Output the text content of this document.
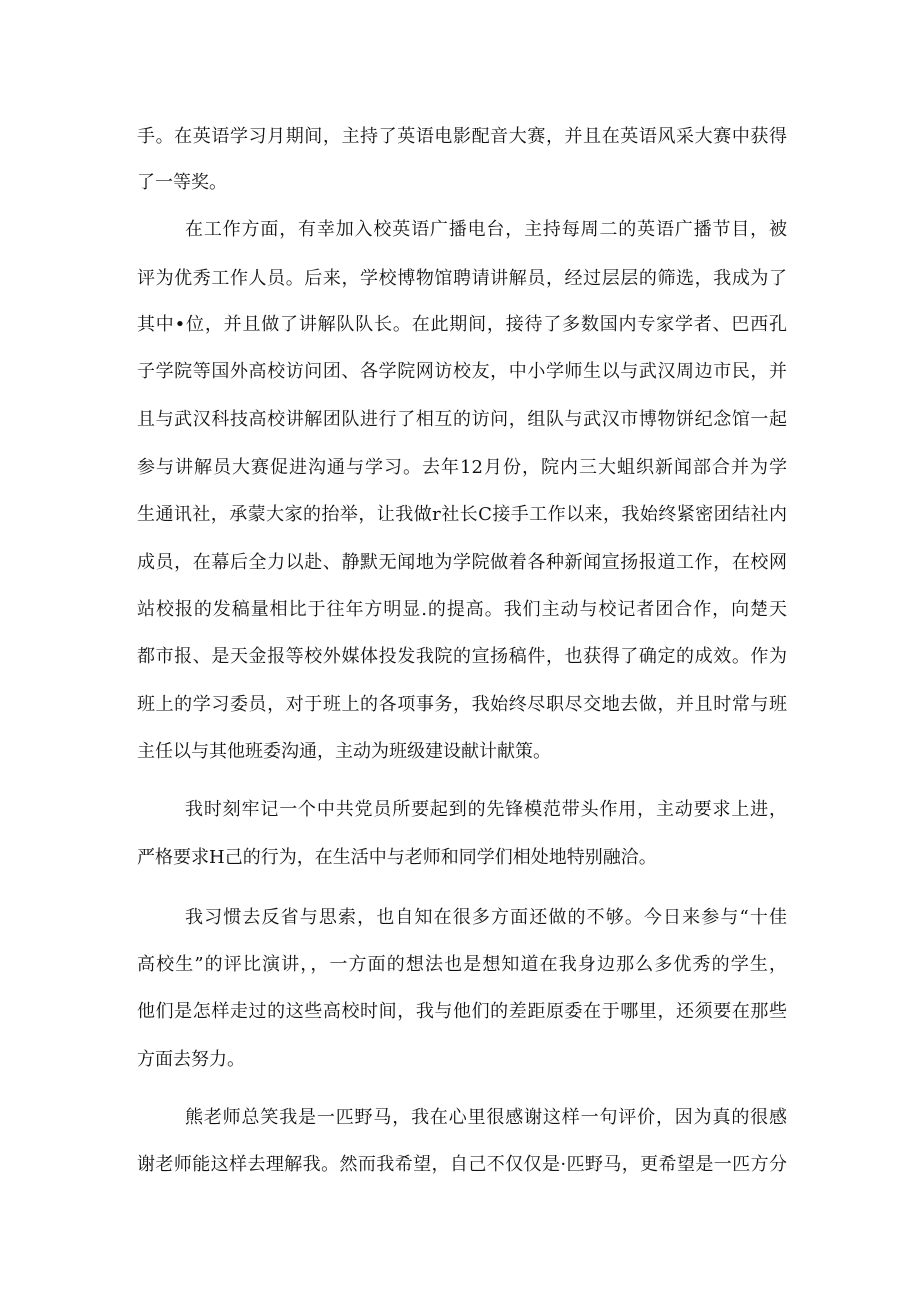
手。在英语学习月期间，主持了英语电影配音大赛，并且在英语风采大赛中获得
了一等奖。
在工作方面，有幸加入校英语广播电台，主持每周二的英语广播节目，被
评为优秀工作人员。后来，学校博物馆聘请讲解员，经过层层的筛选，我成为了
其中•位，并且做了讲解队队长。在此期间，接待了多数国内专家学者、巴西孔
子学院等国外高校访问团、各学院网访校友，中小学师生以与武汉周边市民，并
且与武汉科技高校讲解团队进行了相互的访问，组队与武汉市博物饼纪念馆一起
参与讲解员大赛促进沟通与学习。去年12月份，院内三大蛆织新闻部合并为学
生通讯社，承蒙大家的抬举，让我做r社长C接手工作以来，我始终紧密团结社内
成员，在幕后全力以赴、静默无闻地为学院做着各种新闻宣扬报道工作，在校网
站校报的发稿量相比于往年方明显.的提高。我们主动与校记者团合作，向楚天
都市报、是天金报等校外媒体投发我院的宣扬稿件，也获得了确定的成效。作为
班上的学习委员，对于班上的各项事务，我始终尽职尽交地去做，并且时常与班
主任以与其他班委沟通，主动为班级建设献计献策。
我时刻牢记一个中共党员所要起到的先锋模范带头作用，主动要求上进，
严格要求H己的行为，在生活中与老师和同学们相处地特别融洽。
我习惯去反省与思索，也自知在很多方面还做的不够。今日来参与“十佳
高校生”的评比演讲，，一方面的想法也是想知道在我身边那么多优秀的学生，
他们是怎样走过的这些高校时间，我与他们的差距原委在于哪里，还须要在那些
方面去努力。
熊老师总笑我是一匹野马，我在心里很感谢这样一句评价，因为真的很感
谢老师能这样去理解我。然而我希望，自己不仅仅是·匹野马，更希望是一匹方分
